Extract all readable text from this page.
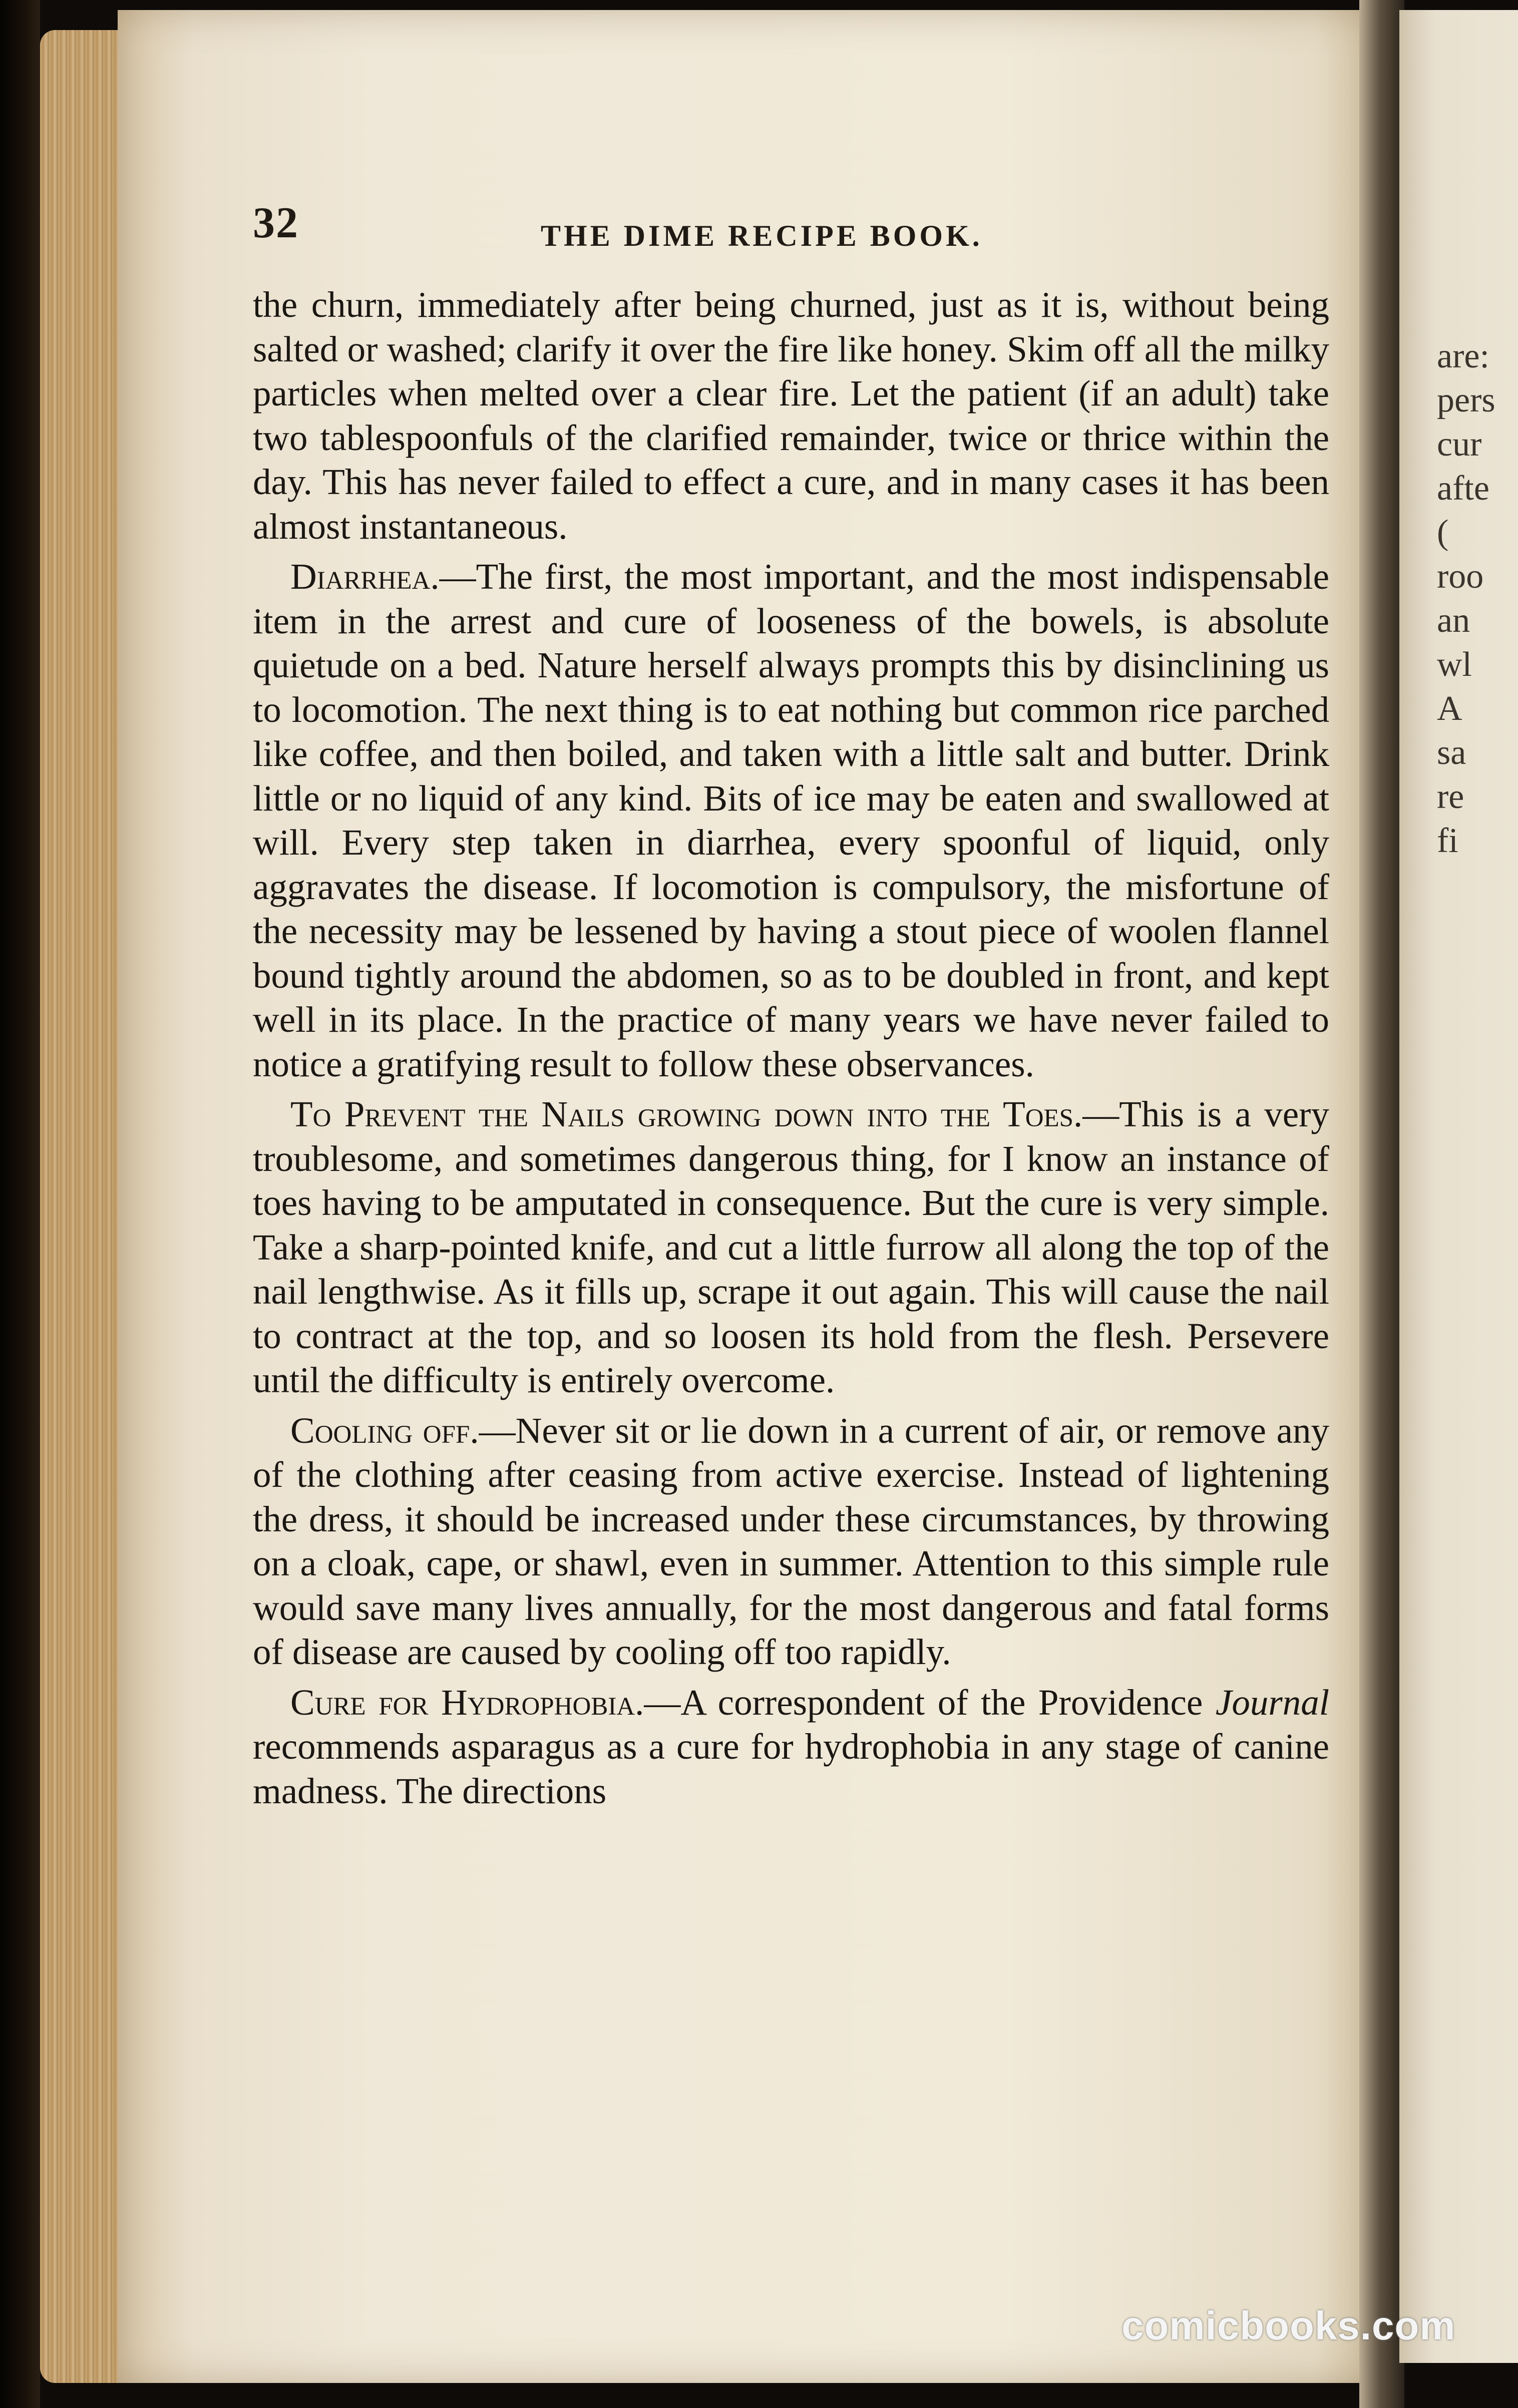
are:
pers
cur
afte
(
roo
an
wl
A
sa
re
fi

32	THE DIME RECIPE BOOK.

the churn, immediately after being churned, just as it is, without being salted or washed; clarify it over the fire like honey. Skim off all the milky particles when melted over a clear fire. Let the patient (if an adult) take two tablespoonfuls of the clarified remainder, twice or thrice within the day. This has never failed to effect a cure, and in many cases it has been almost instantaneous.

Diarrhea.—The first, the most important, and the most indispensable item in the arrest and cure of looseness of the bowels, is absolute quietude on a bed. Nature herself always prompts this by disinclining us to locomotion. The next thing is to eat nothing but common rice parched like coffee, and then boiled, and taken with a little salt and butter. Drink little or no liquid of any kind. Bits of ice may be eaten and swallowed at will. Every step taken in diarrhea, every spoonful of liquid, only aggravates the disease. If locomotion is compulsory, the misfortune of the necessity may be lessened by having a stout piece of woolen flannel bound tightly around the abdomen, so as to be doubled in front, and kept well in its place. In the practice of many years we have never failed to notice a gratifying result to follow these observances.

To Prevent the Nails growing down into the Toes.—This is a very troublesome, and sometimes dangerous thing, for I know an instance of toes having to be amputated in consequence. But the cure is very simple. Take a sharp-pointed knife, and cut a little furrow all along the top of the nail lengthwise. As it fills up, scrape it out again. This will cause the nail to contract at the top, and so loosen its hold from the flesh. Persevere until the difficulty is entirely overcome.

Cooling off.—Never sit or lie down in a current of air, or remove any of the clothing after ceasing from active exercise. Instead of lightening the dress, it should be increased under these circumstances, by throwing on a cloak, cape, or shawl, even in summer. Attention to this simple rule would save many lives annually, for the most dangerous and fatal forms of disease are caused by cooling off too rapidly.

Cure for Hydrophobia.—A correspondent of the Providence Journal recommends asparagus as a cure for hydrophobia in any stage of canine madness. The directions

comicbooks.com
